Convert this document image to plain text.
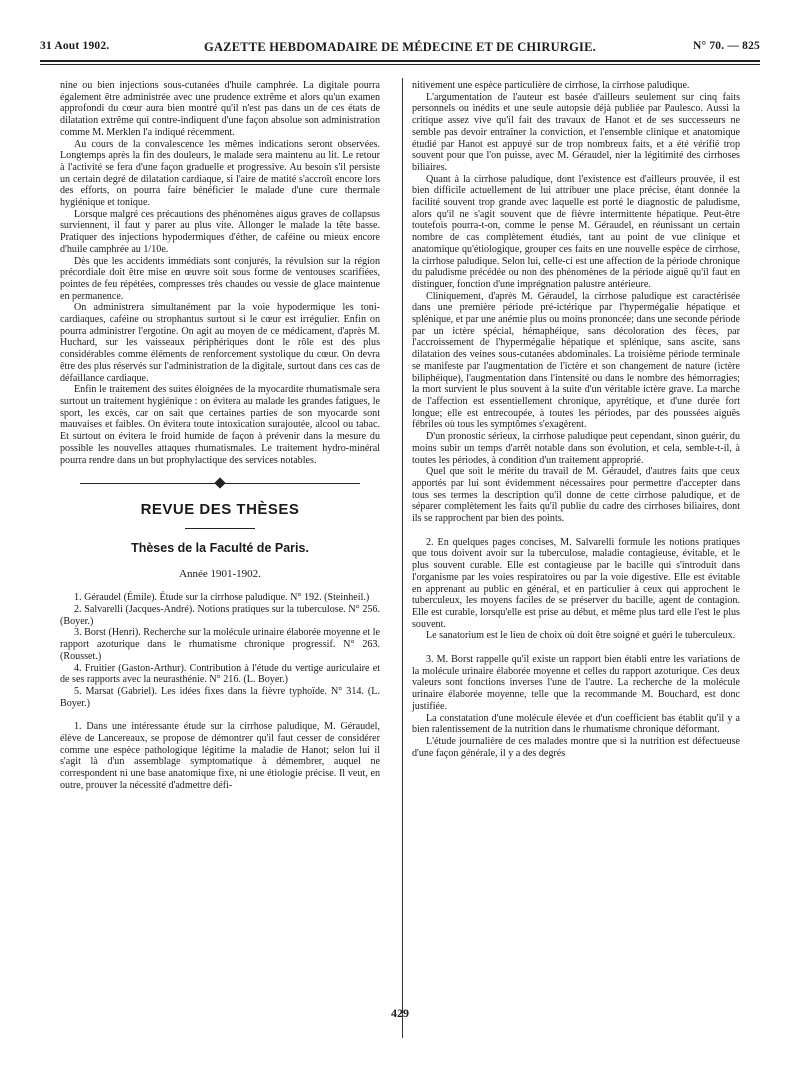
31 Aout 1902.	GAZETTE HEBDOMADAIRE DE MÉDECINE ET DE CHIRURGIE.	N° 70. — 825

nine ou bien injections sous-cutanées d'huile camphrée. La digitale pourra également être administrée avec une prudence extrême et alors qu'un examen approfondi du cœur aura bien montré qu'il n'est pas dans un de ces états de dilatation extrême qui contre-indiquent d'une façon absolue son administration comme M. Merklen l'a indiqué récemment.

Au cours de la convalescence les mêmes indications seront observées. Longtemps après la fin des douleurs, le malade sera maintenu au lit. Le retour à l'activité se fera d'une façon graduelle et progressive. Au besoin s'il persiste un certain degré de dilatation cardiaque, si l'aire de matité s'accroît encore lors des efforts, on pourra faire bénéficier le malade d'une cure thermale hygiénique et tonique.

Lorsque malgré ces précautions des phénomènes aigus graves de collapsus surviennent, il faut y parer au plus vite. Allonger le malade la tête basse. Pratiquer des injections hypodermiques d'éther, de caféine ou mieux encore d'huile camphrée au 1/10e.

Dès que les accidents immédiats sont conjurés, la révulsion sur la région précordiale doit être mise en œuvre soit sous forme de ventouses scarifiées, pointes de feu répétées, compresses très chaudes ou vessie de glace maintenue en permanence.

On administrera simultanément par la voie hypodermique les toni-cardiaques, caféine ou strophantus surtout si le cœur est irrégulier. Enfin on pourra administrer l'ergotine. On agit au moyen de ce médicament, d'après M. Huchard, sur les vaisseaux périphériques dont le rôle est des plus considérables comme éléments de renforcement systolique du cœur. On devra être des plus réservés sur l'administration de la digitale, surtout dans ces cas de défaillance cardiaque.

Enfin le traitement des suites éloignées de la myocardite rhumatismale sera surtout un traitement hygiénique : on évitera au malade les grandes fatigues, le sport, les excès, car on sait que certaines parties de son myocarde sont mauvaises et faibles. On évitera toute intoxication surajoutée, alcool ou tabac. Et surtout on évitera le froid humide de façon à prévenir dans la mesure du possible les nouvelles attaques rhumatismales. Le traitement hydro-minéral pourra rendre dans un but prophylactique des services notables.

REVUE DES THÈSES
Thèses de la Faculté de Paris.
Année 1901-1902.

1. Géraudel (Émile). Étude sur la cirrhose paludique. N° 192. (Steinheil.)

2. Salvarelli (Jacques-André). Notions pratiques sur la tuberculose. N° 256. (Boyer.)

3. Borst (Henri). Recherche sur la molécule urinaire élaborée moyenne et le rapport azoturique dans le rhumatisme chronique progressif. N° 263. (Rousset.)

4. Fruitier (Gaston-Arthur). Contribution à l'étude du vertige auriculaire et de ses rapports avec la neurasthénie. N° 216. (L. Boyer.)

5. Marsat (Gabriel). Les idées fixes dans la fièvre typhoïde. N° 314. (L. Boyer.)

1. Dans une intéressante étude sur la cirrhose paludique, M. Géraudel, élève de Lancereaux, se propose de démontrer qu'il faut cesser de considérer comme une espèce pathologique légitime la maladie de Hanot; selon lui il s'agit là d'un assemblage symptomatique à démembrer, auquel ne correspondent ni une base anatomique fixe, ni une étiologie précise. Il veut, en outre, prouver la nécessité d'admettre défi-

nitivement une espèce particulière de cirrhose, la cirrhose paludique.

L'argumentation de l'auteur est basée d'ailleurs seulement sur cinq faits personnels ou inédits et une seule autopsie déjà publiée par Paulesco. Aussi la critique assez vive qu'il fait des travaux de Hanot et de ses successeurs ne semble pas devoir entraîner la conviction, et l'ensemble clinique et anatomique étudié par Hanot est appuyé sur de trop nombreux faits, et a été vérifié trop souvent pour que l'on puisse, avec M. Géraudel, nier la légitimité des cirrhoses biliaires.

Quant à la cirrhose paludique, dont l'existence est d'ailleurs prouvée, il est bien difficile actuellement de lui attribuer une place précise, étant donnée la facilité souvent trop grande avec laquelle est porté le diagnostic de paludisme, alors qu'il ne s'agit souvent que de fièvre intermittente hépatique. Peut-être toutefois pourra-t-on, comme le pense M. Géraudel, en réunissant un certain nombre de cas complètement étudiés, tant au point de vue clinique et anatomique qu'étiologique, grouper ces faits en une nouvelle espèce de cirrhose, la cirrhose paludique. Selon lui, celle-ci est une affection de la période chronique du paludisme précédée ou non des phénomènes de la période aiguë qu'il faut en distinguer, fonction d'une imprégnation palustre antérieure.

Cliniquement, d'après M. Géraudel, la cirrhose paludique est caractérisée dans une première période pré-ictérique par l'hypermégalie hépatique et splénique, et par une anémie plus ou moins prononcée; dans une seconde période par un ictère spécial, hémaphéique, sans décoloration des fèces, par l'accroissement de l'hypermégalie hépatique et splénique, sans ascite, sans dilatation des veines sous-cutanées abdominales. La troisième période terminale se manifeste par l'augmentation de l'ictère et son changement de nature (ictère biliphéique), l'augmentation dans l'intensité ou dans le nombre des hémorragies; la mort survient le plus souvent à la suite d'un véritable ictère grave. La marche de l'affection est essentiellement chronique, apyrétique, et d'une durée fort longue; elle est entrecoupée, à toutes les périodes, par des poussées aiguës fébriles où tous les symptômes s'exagèrent.

D'un pronostic sérieux, la cirrhose paludique peut cependant, sinon guérir, du moins subir un temps d'arrêt notable dans son évolution, et cela, semble-t-il, à toutes les périodes, à condition d'un traitement approprié.

Quel que soit le mérite du travail de M. Géraudel, d'autres faits que ceux apportés par lui sont évidemment nécessaires pour permettre d'accepter dans tous ses termes la description qu'il donne de cette cirrhose paludique, et de séparer complètement les faits qu'il publie du cadre des cirrhoses biliaires, dont ils se rapprochent par bien des points.

2. En quelques pages concises, M. Salvarelli formule les notions pratiques que tous doivent avoir sur la tuberculose, maladie contagieuse, évitable, et le plus souvent curable. Elle est contagieuse par le bacille qui s'introduit dans l'organisme par les voies respiratoires ou par la voie digestive. Elle est évitable en apprenant au public en général, et en particulier à ceux qui approchent le tuberculeux, les moyens faciles de se préserver du bacille, agent de contagion. Elle est curable, lorsqu'elle est prise au début, et même plus tard elle l'est le plus souvent.

Le sanatorium est le lieu de choix où doit être soigné et guéri le tuberculeux.

3. M. Borst rappelle qu'il existe un rapport bien établi entre les variations de la molécule urinaire élaborée moyenne et celles du rapport azoturique. Ces deux valeurs sont fonctions inverses l'une de l'autre. La recherche de la molécule urinaire élaborée moyenne, telle que la recommande M. Bouchard, est donc justifiée.

La constatation d'une molécule élevée et d'un coefficient bas établit qu'il y a bien ralentissement de la nutrition dans le rhumatisme chronique déformant.

L'étude journalière de ces malades montre que si la nutrition est défectueuse d'une façon générale, il y a des degrés

429
